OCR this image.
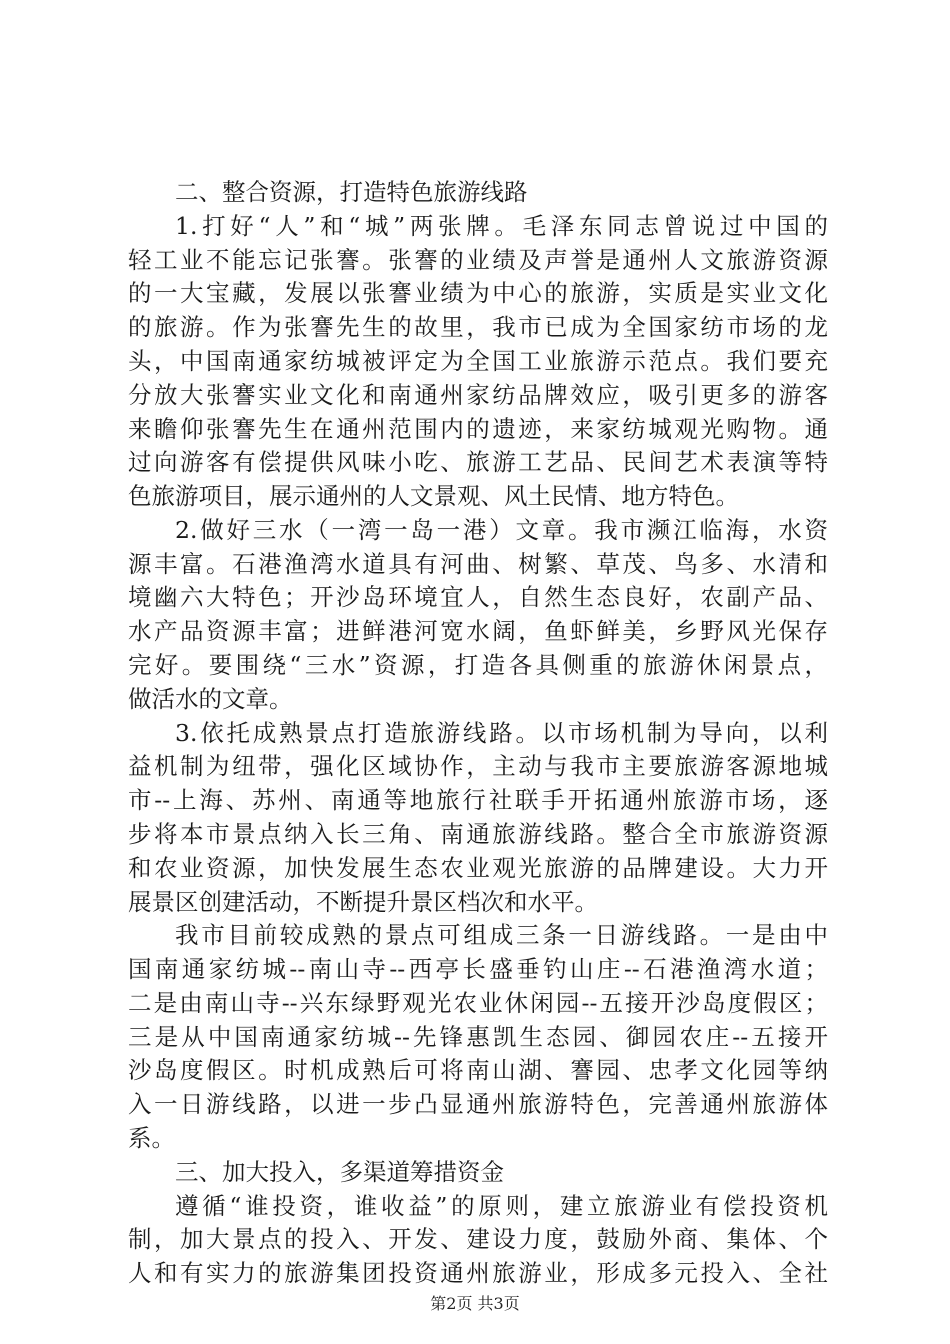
二、整合资源，打造特色旅游线路
1.打好“人”和“城”两张牌。毛泽东同志曾说过中国的
轻工业不能忘记张謇。张謇的业绩及声誉是通州人文旅游资源
的一大宝藏，发展以张謇业绩为中心的旅游，实质是实业文化
的旅游。作为张謇先生的故里，我市已成为全国家纺市场的龙
头，中国南通家纺城被评定为全国工业旅游示范点。我们要充
分放大张謇实业文化和南通州家纺品牌效应，吸引更多的游客
来瞻仰张謇先生在通州范围内的遗迹，来家纺城观光购物。通
过向游客有偿提供风味小吃、旅游工艺品、民间艺术表演等特
色旅游项目，展示通州的人文景观、风土民情、地方特色。
2.做好三水（一湾一岛一港）文章。我市濒江临海，水资
源丰富。石港渔湾水道具有河曲、树繁、草茂、鸟多、水清和
境幽六大特色；开沙岛环境宜人，自然生态良好，农副产品、
水产品资源丰富；进鲜港河宽水阔，鱼虾鲜美，乡野风光保存
完好。要围绕“三水”资源，打造各具侧重的旅游休闲景点，
做活水的文章。
3.依托成熟景点打造旅游线路。以市场机制为导向，以利
益机制为纽带，强化区域协作，主动与我市主要旅游客源地城
市--上海、苏州、南通等地旅行社联手开拓通州旅游市场，逐
步将本市景点纳入长三角、南通旅游线路。整合全市旅游资源
和农业资源，加快发展生态农业观光旅游的品牌建设。大力开
展景区创建活动，不断提升景区档次和水平。
我市目前较成熟的景点可组成三条一日游线路。一是由中
国南通家纺城--南山寺--西亭长盛垂钓山庄--石港渔湾水道；
二是由南山寺--兴东绿野观光农业休闲园--五接开沙岛度假区；
三是从中国南通家纺城--先锋惠凯生态园、御园农庄--五接开
沙岛度假区。时机成熟后可将南山湖、謇园、忠孝文化园等纳
入一日游线路，以进一步凸显通州旅游特色，完善通州旅游体
系。
三、加大投入，多渠道筹措资金
遵循“谁投资，谁收益”的原则，建立旅游业有偿投资机
制，加大景点的投入、开发、建设力度，鼓励外商、集体、个
人和有实力的旅游集团投资通州旅游业，形成多元投入、全社
第2页 共3页
